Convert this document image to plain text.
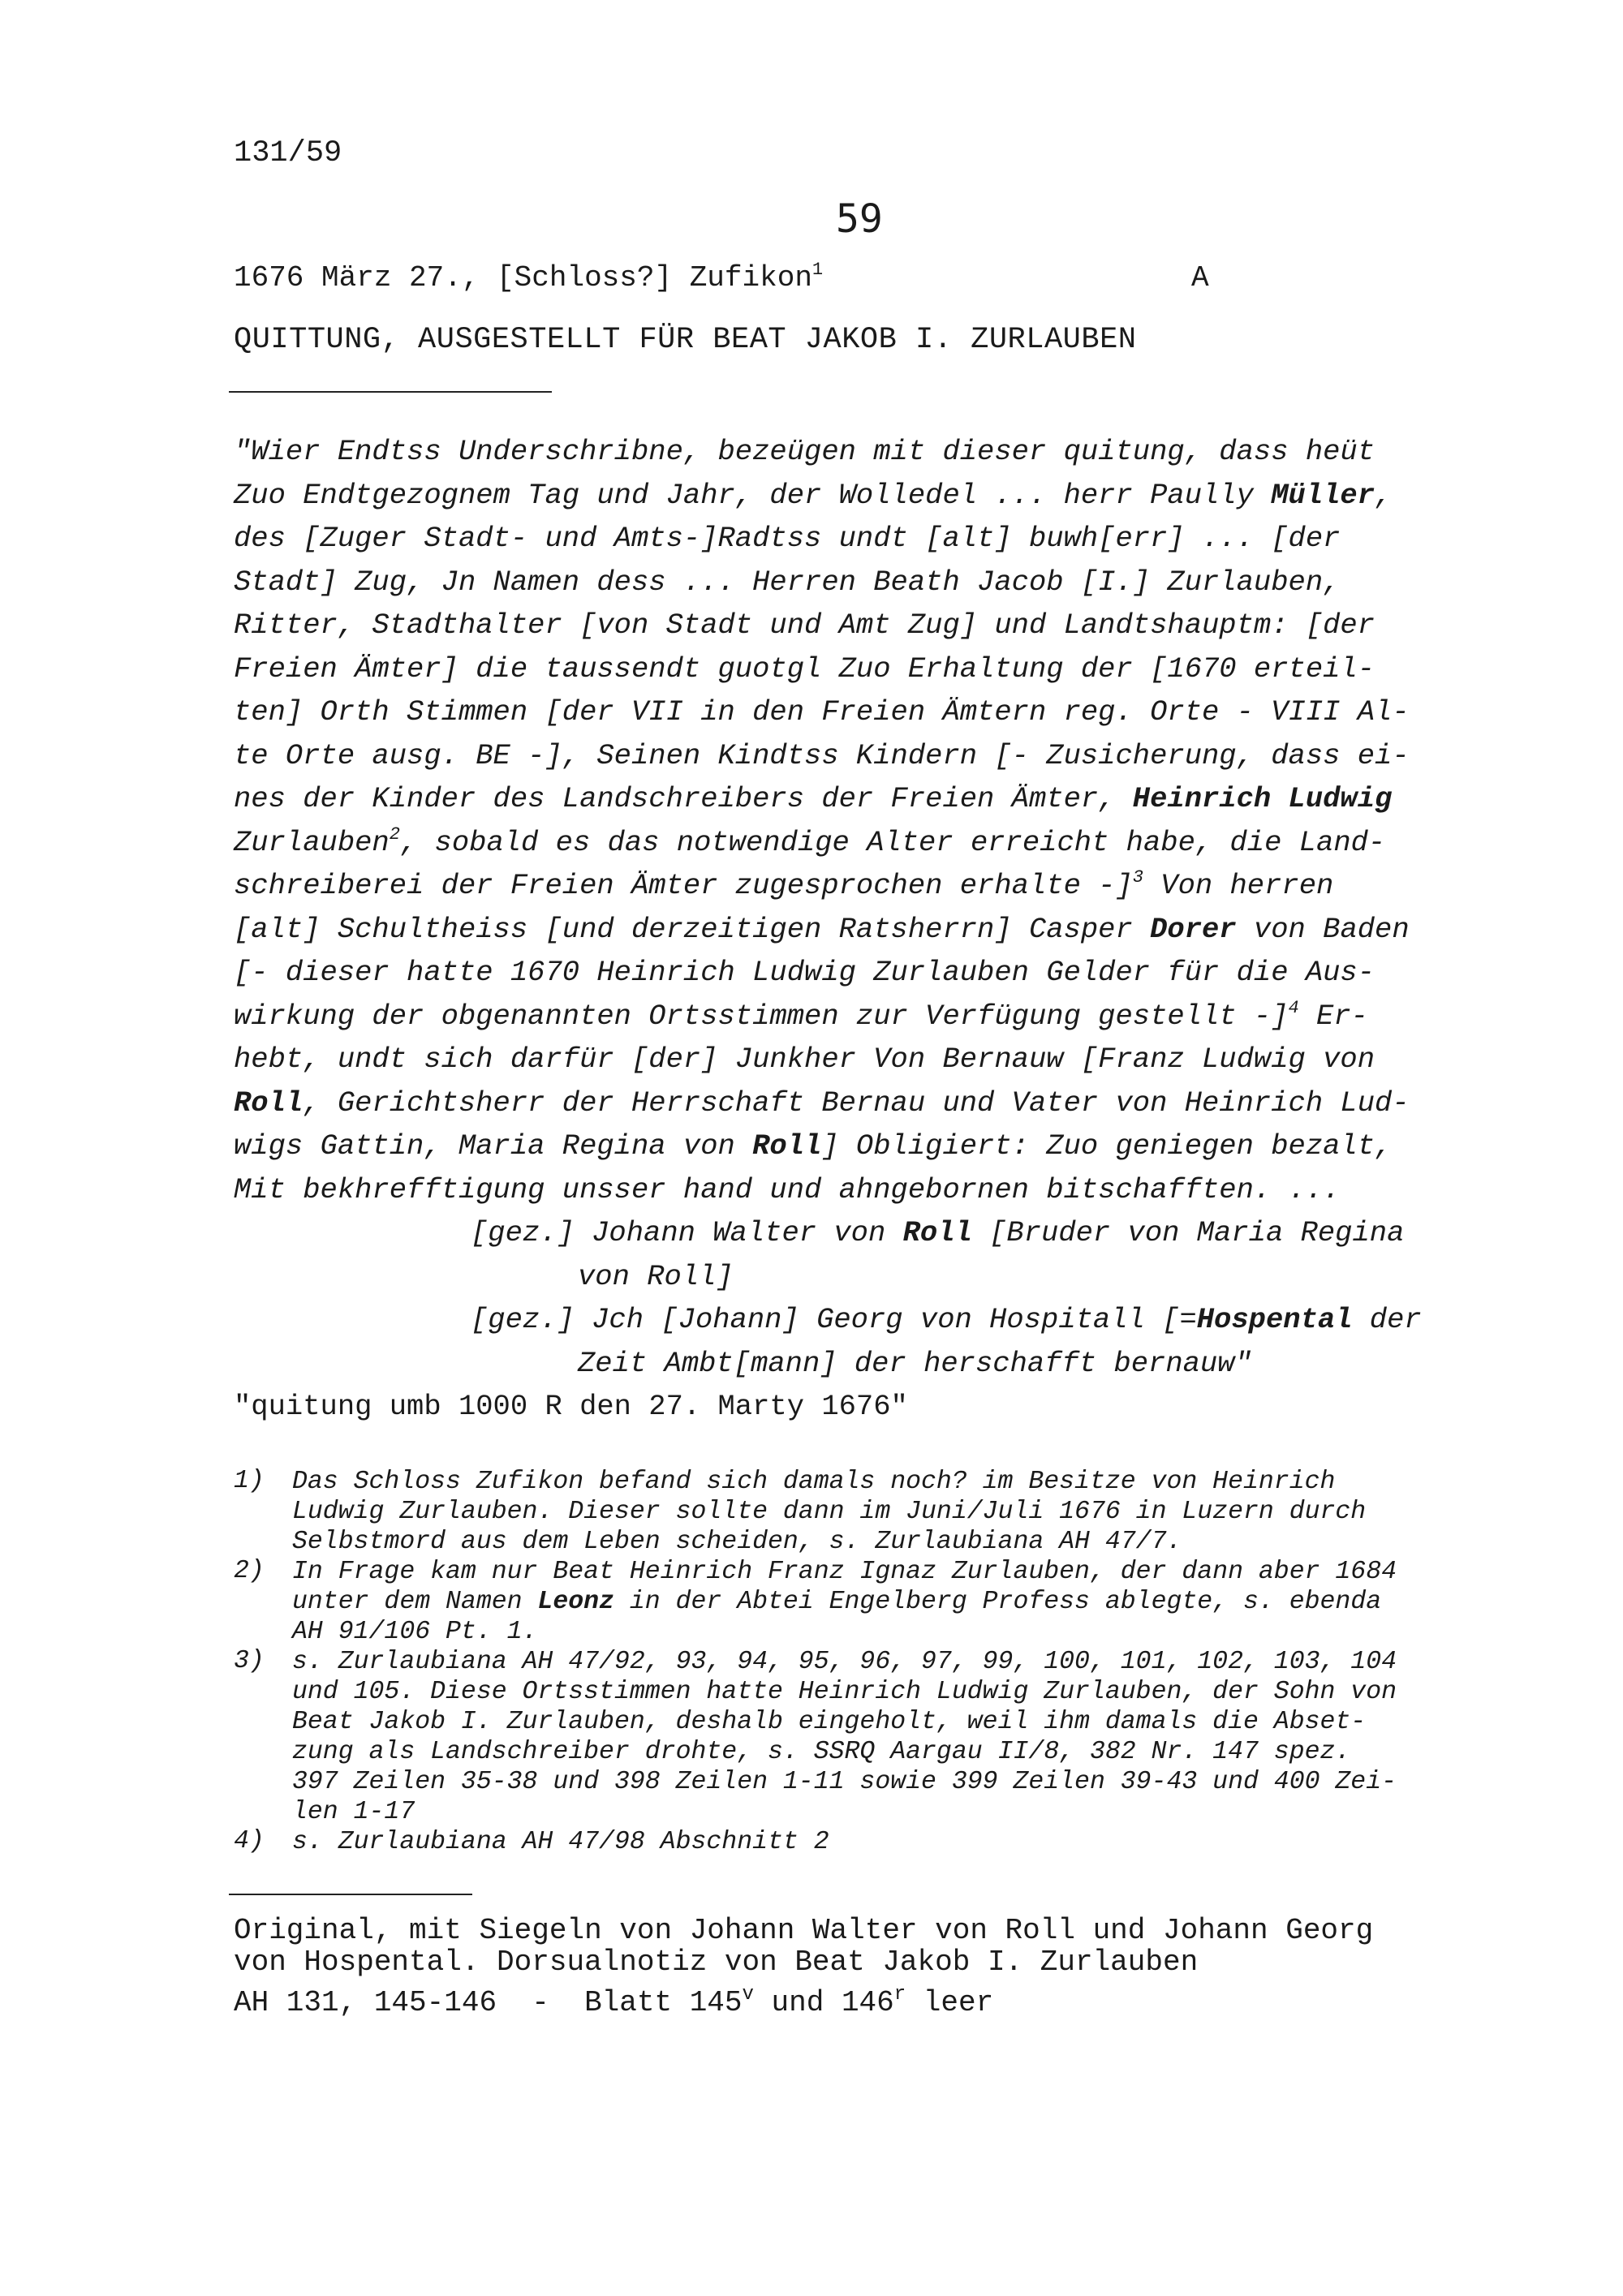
131/59
59
1676 März 27., [Schloss?] Zufikon$^1$	A
QUITTUNG, AUSGESTELLT FÜR BEAT JAKOB I. ZURLAUBEN
"Wier Endtss Underschribne, bezeügen mit dieser quitung, dass heüt
Zuo Endtgezognem Tag und Jahr, der Wolledel ... herr Paully Müller,
des [Zuger Stadt- und Amts-]Radtss undt [alt] buwh[err] ... [der
Stadt] Zug, Jn Namen dess ... Herren Beath Jacob [I.] Zurlauben,
Ritter, Stadthalter [von Stadt und Amt Zug] und Landtshauptm: [der
Freien Ämter] die taussendt guotgl Zuo Erhaltung der [1670 erteil-
ten] Orth Stimmen [der VII in den Freien Ämtern reg. Orte - VIII Al-
te Orte ausg. BE -], Seinen Kindtss Kindern [- Zusicherung, dass ei-
nes der Kinder des Landschreibers der Freien Ämter, Heinrich Ludwig
Zurlauben$^2$, sobald es das notwendige Alter erreicht habe, die Land-
schreiberei der Freien Ämter zugesprochen erhalte -]$^3$ Von herren
[alt] Schultheiss [und derzeitigen Ratsherrn] Casper Dorer von Baden
[- dieser hatte 1670 Heinrich Ludwig Zurlauben Gelder für die Aus-
wirkung der obgenannten Ortsstimmen zur Verfügung gestellt -]$^4$ Er-
hebt, undt sich darfür [der] Junkher Von Bernauw [Franz Ludwig von
Roll, Gerichtsherr der Herrschaft Bernau und Vater von Heinrich Lud-
wigs Gattin, Maria Regina von Roll] Obligiert: Zuo geniegen bezalt,
Mit bekhrefftigung unsser hand und ahngebornen bitschafften. ...
[gez.] Johann Walter von Roll [Bruder von Maria Regina
von Roll]
[gez.] Jch [Johann] Georg von Hospitall [=Hospental der
Zeit Ambt[mann] der herschafft bernauw"
"quitung umb 1000 R den 27. Marty 1676"
1)	Das Schloss Zufikon befand sich damals noch? im Besitze von Heinrich
Ludwig Zurlauben. Dieser sollte dann im Juni/Juli 1676 in Luzern durch
Selbstmord aus dem Leben scheiden, s. Zurlaubiana AH 47/7.
2)	In Frage kam nur Beat Heinrich Franz Ignaz Zurlauben, der dann aber 1684
unter dem Namen Leonz in der Abtei Engelberg Profess ablegte, s. ebenda
AH 91/106 Pt. 1.
3)	s. Zurlaubiana AH 47/92, 93, 94, 95, 96, 97, 99, 100, 101, 102, 103, 104
und 105. Diese Ortsstimmen hatte Heinrich Ludwig Zurlauben, der Sohn von
Beat Jakob I. Zurlauben, deshalb eingeholt, weil ihm damals die Abset-
zung als Landschreiber drohte, s. SSRQ Aargau II/8, 382 Nr. 147 spez.
397 Zeilen 35-38 und 398 Zeilen 1-11 sowie 399 Zeilen 39-43 und 400 Zei-
len 1-17
4)	s. Zurlaubiana AH 47/98 Abschnitt 2
Original, mit Siegeln von Johann Walter von Roll und Johann Georg
von Hospental. Dorsualnotiz von Beat Jakob I. Zurlauben
AH 131, 145-146  -  Blatt 145$^v$ und 146$^r$ leer
